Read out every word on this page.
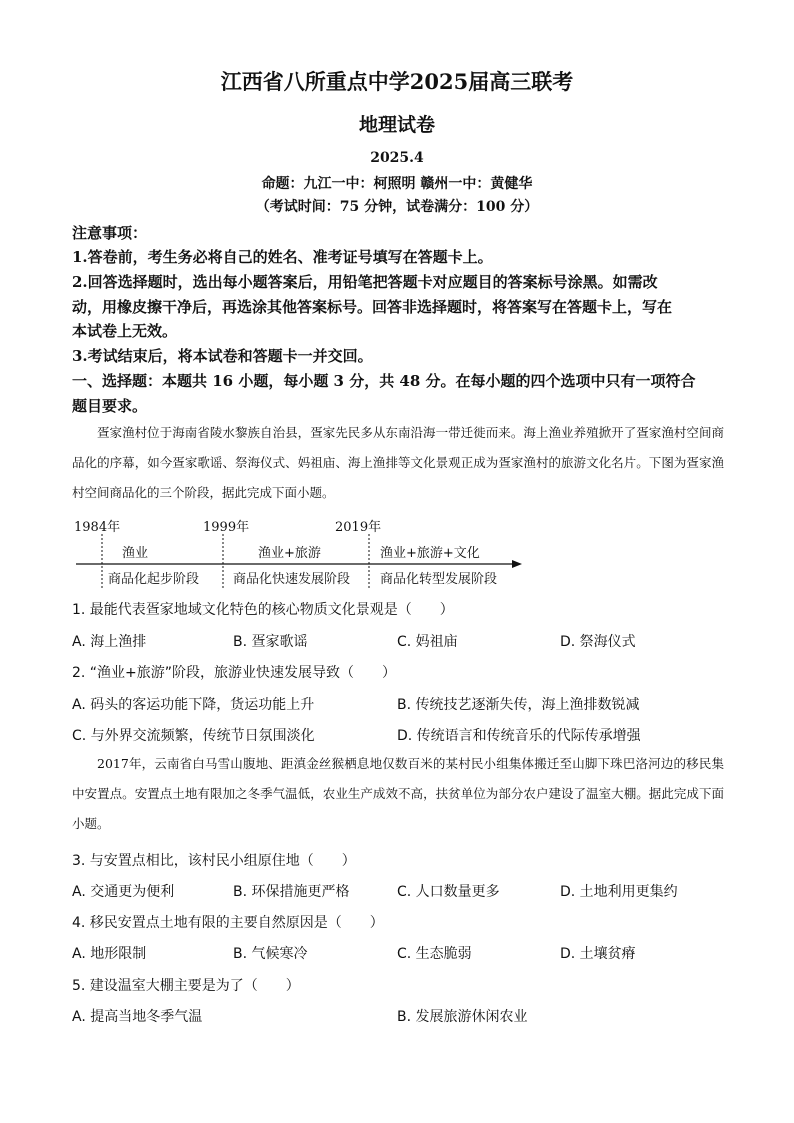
江西省八所重点中学2025届高三联考
地理试卷
2025.4
命题：九江一中：柯照明 赣州一中：黄健华
（考试时间：75 分钟，试卷满分：100 分）
注意事项：
1.答卷前，考生务必将自己的姓名、准考证号填写在答题卡上。
2.回答选择题时，选出每小题答案后，用铅笔把答题卡对应题目的答案标号涂黑。如需改
动，用橡皮擦干净后，再选涂其他答案标号。回答非选择题时，将答案写在答题卡上，写在
本试卷上无效。
3.考试结束后，将本试卷和答题卡一并交回。
一、选择题：本题共 16 小题，每小题 3 分，共 48 分。在每小题的四个选项中只有一项符合
题目要求。
疍家渔村位于海南省陵水黎族自治县，疍家先民多从东南沿海一带迁徙而来。海上渔业养殖掀开了疍家渔村空间商品化的序幕，如今疍家歌谣、祭海仪式、妈祖庙、海上渔排等文化景观正成为疍家渔村的旅游文化名片。下图为疍家渔村空间商品化的三个阶段，据此完成下面小题。
1984年	1999年	2019年
渔业	渔业+旅游	渔业+旅游+文化
商品化起步阶段	商品化快速发展阶段 商品化转型发展阶段
1. 最能代表疍家地域文化特色的核心物质文化景观是（　　）
A. 海上渔排	B. 疍家歌谣	C. 妈祖庙	D. 祭海仪式
2. “渔业+旅游”阶段，旅游业快速发展导致（　　）
A. 码头的客运功能下降，货运功能上升	B. 传统技艺逐渐失传，海上渔排数锐减
C. 与外界交流频繁，传统节日氛围淡化	D. 传统语言和传统音乐的代际传承增强
2017年，云南省白马雪山腹地、距滇金丝猴栖息地仅数百米的某村民小组集体搬迁至山脚下珠巴洛河边的移民集中安置点。安置点土地有限加之冬季气温低，农业生产成效不高，扶贫单位为部分农户建设了温室大棚。据此完成下面小题。
3. 与安置点相比，该村民小组原住地（　　）
A. 交通更为便利	B. 环保措施更严格	C. 人口数量更多	D. 土地利用更集约
4. 移民安置点土地有限的主要自然原因是（　　）
A. 地形限制	B. 气候寒冷	C. 生态脆弱	D. 土壤贫瘠
5. 建设温室大棚主要是为了（　　）
A. 提高当地冬季气温	B. 发展旅游休闲农业
